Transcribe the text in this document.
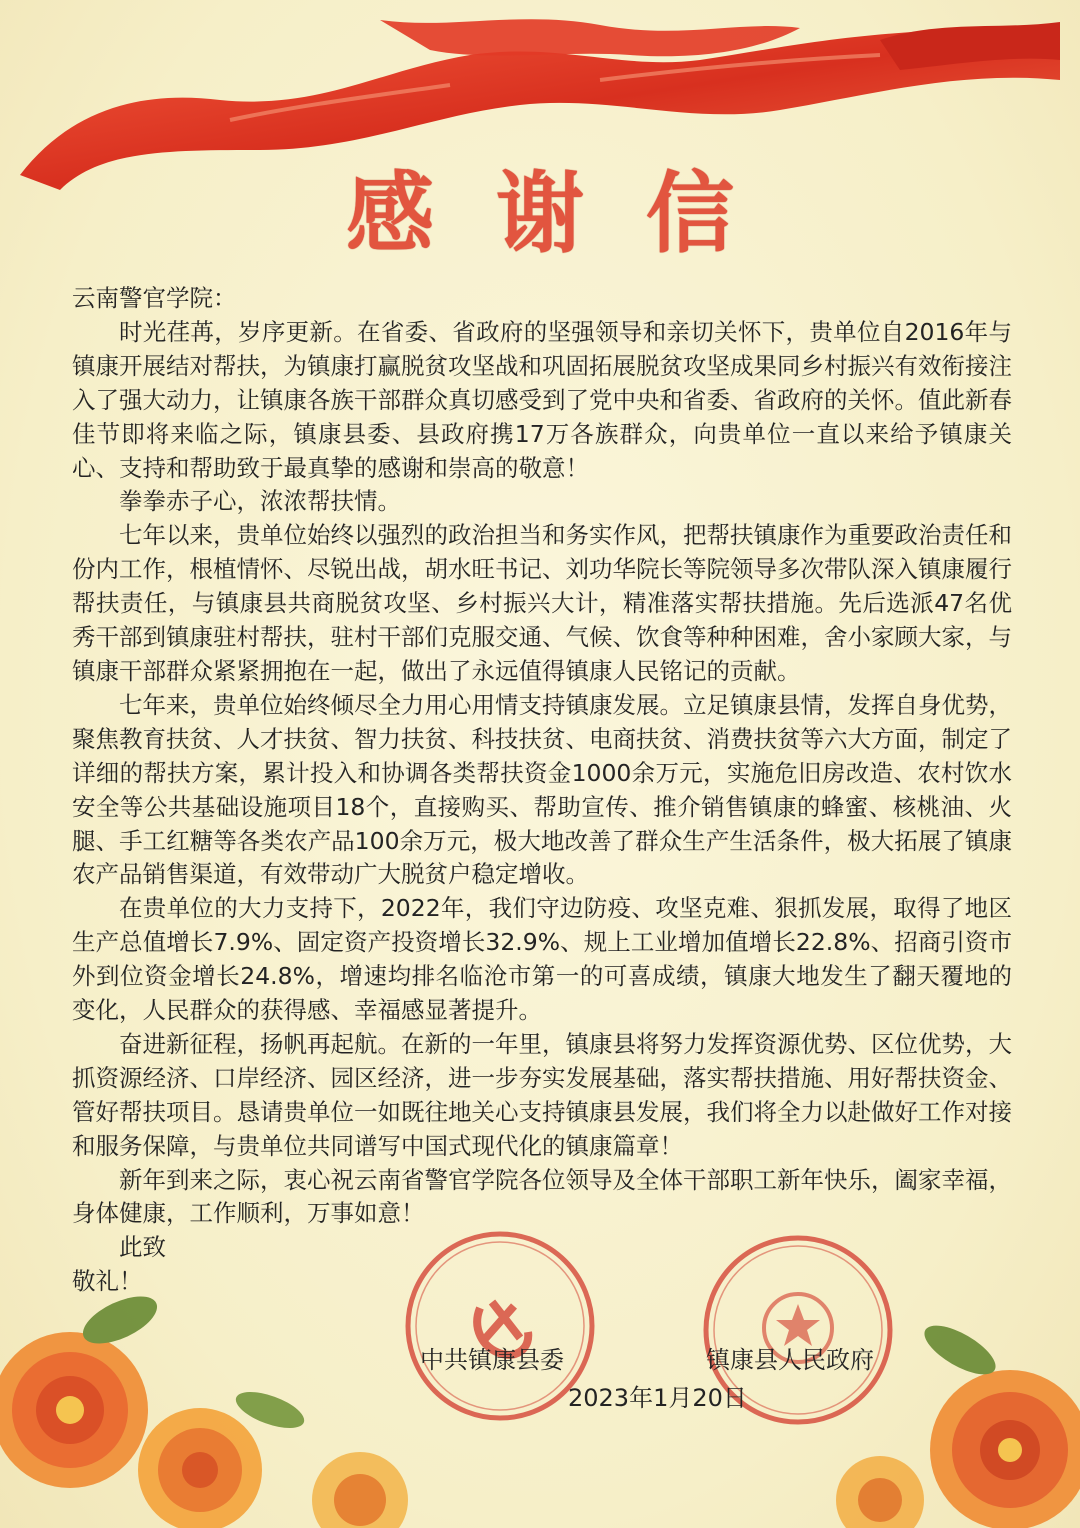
感谢信

云南警官学院：

时光荏苒，岁序更新。在省委、省政府的坚强领导和亲切关怀下，贵单位自2016年与镇康开展结对帮扶，为镇康打赢脱贫攻坚战和巩固拓展脱贫攻坚成果同乡村振兴有效衔接注入了强大动力，让镇康各族干部群众真切感受到了党中央和省委、省政府的关怀。值此新春佳节即将来临之际，镇康县委、县政府携17万各族群众，向贵单位一直以来给予镇康关心、支持和帮助致于最真挚的感谢和崇高的敬意！

拳拳赤子心，浓浓帮扶情。

七年以来，贵单位始终以强烈的政治担当和务实作风，把帮扶镇康作为重要政治责任和份内工作，根植情怀、尽锐出战，胡水旺书记、刘功华院长等院领导多次带队深入镇康履行帮扶责任，与镇康县共商脱贫攻坚、乡村振兴大计，精准落实帮扶措施。先后选派47名优秀干部到镇康驻村帮扶，驻村干部们克服交通、气候、饮食等种种困难，舍小家顾大家，与镇康干部群众紧紧拥抱在一起，做出了永远值得镇康人民铭记的贡献。

七年来，贵单位始终倾尽全力用心用情支持镇康发展。立足镇康县情，发挥自身优势，聚焦教育扶贫、人才扶贫、智力扶贫、科技扶贫、电商扶贫、消费扶贫等六大方面，制定了详细的帮扶方案，累计投入和协调各类帮扶资金1000余万元，实施危旧房改造、农村饮水安全等公共基础设施项目18个，直接购买、帮助宣传、推介销售镇康的蜂蜜、核桃油、火腿、手工红糖等各类农产品100余万元，极大地改善了群众生产生活条件，极大拓展了镇康农产品销售渠道，有效带动广大脱贫户稳定增收。

在贵单位的大力支持下，2022年，我们守边防疫、攻坚克难、狠抓发展，取得了地区生产总值增长7.9%、固定资产投资增长32.9%、规上工业增加值增长22.8%、招商引资市外到位资金增长24.8%，增速均排名临沧市第一的可喜成绩，镇康大地发生了翻天覆地的变化，人民群众的获得感、幸福感显著提升。

奋进新征程，扬帆再起航。在新的一年里，镇康县将努力发挥资源优势、区位优势，大抓资源经济、口岸经济、园区经济，进一步夯实发展基础，落实帮扶措施、用好帮扶资金、管好帮扶项目。恳请贵单位一如既往地关心支持镇康县发展，我们将全力以赴做好工作对接和服务保障，与贵单位共同谱写中国式现代化的镇康篇章！

新年到来之际，衷心祝云南省警官学院各位领导及全体干部职工新年快乐，阖家幸福，身体健康，工作顺利，万事如意！

此致

敬礼！

中共镇康县委	镇康县人民政府
2023年1月20日
